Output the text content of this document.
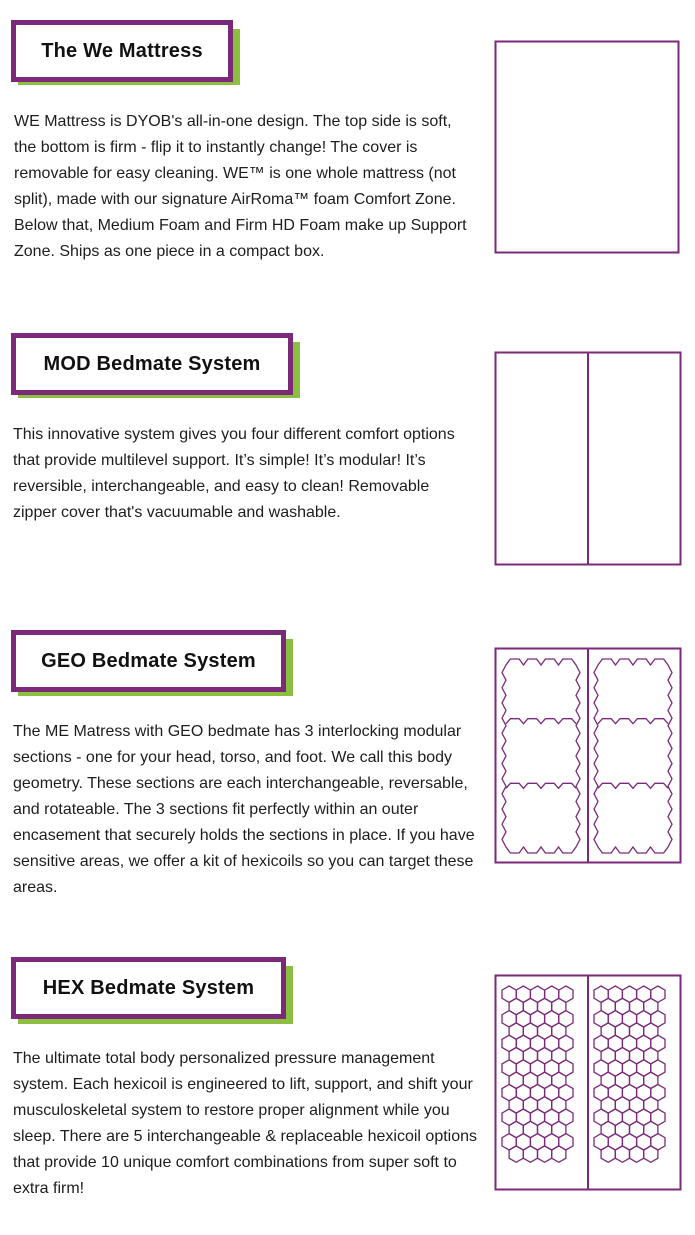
The We Mattress

WE Mattress is DYOB's all-in-one design. The top side is soft, the bottom is firm - flip it to instantly change! The cover is removable for easy cleaning. WE™ is one whole mattress (not split), made with our signature AirRoma™ foam Comfort Zone. Below that, Medium Foam and Firm HD Foam make up Support Zone. Ships as one piece in a compact box.

MOD Bedmate System

This innovative system gives you four different comfort options that provide multilevel support. It’s simple! It’s modular! It’s reversible, interchangeable, and easy to clean! Removable zipper cover that's vacuumable and washable.

GEO Bedmate System

The ME Matress with GEO bedmate has 3 interlocking modular sections - one for your head, torso, and foot. We call this body geometry. These sections are each interchangeable, reversable, and rotateable. The 3 sections fit perfectly within an outer encasement that securely holds the sections in place. If you have sensitive areas, we offer a kit of hexicoils so you can target these areas.

HEX Bedmate System

The ultimate total body personalized pressure management system. Each hexicoil is engineered to lift, support, and shift your musculoskeletal system to restore proper alignment while you sleep. There are 5 interchangeable & replaceable hexicoil options that provide 10 unique comfort combinations from super soft to extra firm!
